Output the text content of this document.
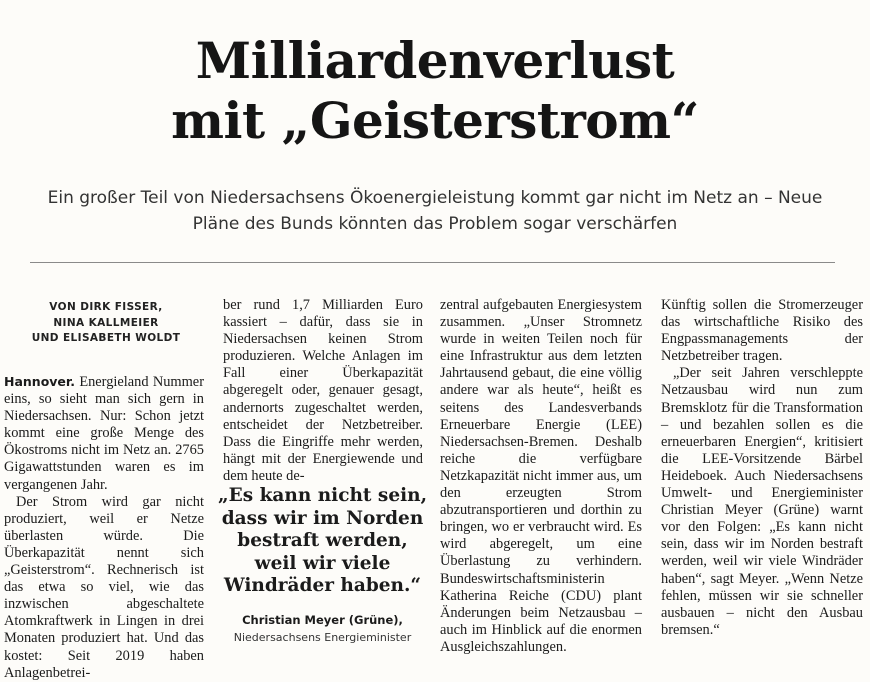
Milliardenverlust
mit „Geisterstrom“

Ein großer Teil von Niedersachsens Ökoenergieleistung kommt gar nicht im Netz an – Neue Pläne des Bunds könnten das Problem sogar verschärfen

VON DIRK FISSER,
NINA KALLMEIER
UND ELISABETH WOLDT

Hannover. Energieland Nummer eins, so sieht man sich gern in Niedersachsen. Nur: Schon jetzt kommt eine große Menge des Ökostroms nicht im Netz an. 2765 Gigawattstunden waren es im vergangenen Jahr.

Der Strom wird gar nicht produziert, weil er Netze überlasten würde. Die Überkapazität nennt sich „Geisterstrom“. Rechnerisch ist das etwa so viel, wie das inzwischen abgeschaltete Atomkraftwerk in Lingen in drei Monaten produziert hat. Und das kostet: Seit 2019 haben Anlagenbetrei-

ber rund 1,7 Milliarden Euro kassiert – dafür, dass sie in Niedersachsen keinen Strom produzieren. Welche Anlagen im Fall einer Überkapazität abgeregelt oder, genauer gesagt, andernorts zugeschaltet werden, entscheidet der Netzbetreiber. Dass die Eingriffe mehr werden, hängt mit der Energiewende und dem heute de-

„Es kann nicht sein, dass wir im Norden bestraft werden, weil wir viele Windräder haben.“
Christian Meyer (Grüne),
Niedersachsens Energieminister

zentral aufgebauten Energiesystem zusammen. „Unser Stromnetz wurde in weiten Teilen noch für eine Infrastruktur aus dem letzten Jahrtausend gebaut, die eine völlig andere war als heute“, heißt es seitens des Landesverbands Erneuerbare Energie (LEE) Niedersachsen-Bremen. Deshalb reiche die verfügbare Netzkapazität nicht immer aus, um den erzeugten Strom abzutransportieren und dorthin zu bringen, wo er verbraucht wird. Es wird abgeregelt, um eine Überlastung zu verhindern. Bundeswirtschaftsministerin Katherina Reiche (CDU) plant Änderungen beim Netzausbau – auch im Hinblick auf die enormen Ausgleichszahlungen.

Künftig sollen die Stromerzeuger das wirtschaftliche Risiko des Engpassmanagements der Netzbetreiber tragen.

„Der seit Jahren verschleppte Netzausbau wird nun zum Bremsklotz für die Transformation – und bezahlen sollen es die erneuerbaren Energien“, kritisiert die LEE-Vorsitzende Bärbel Heideboek. Auch Niedersachsens Umwelt- und Energieminister Christian Meyer (Grüne) warnt vor den Folgen: „Es kann nicht sein, dass wir im Norden bestraft werden, weil wir viele Windräder haben“, sagt Meyer. „Wenn Netze fehlen, müssen wir sie schneller ausbauen – nicht den Ausbau bremsen.“
